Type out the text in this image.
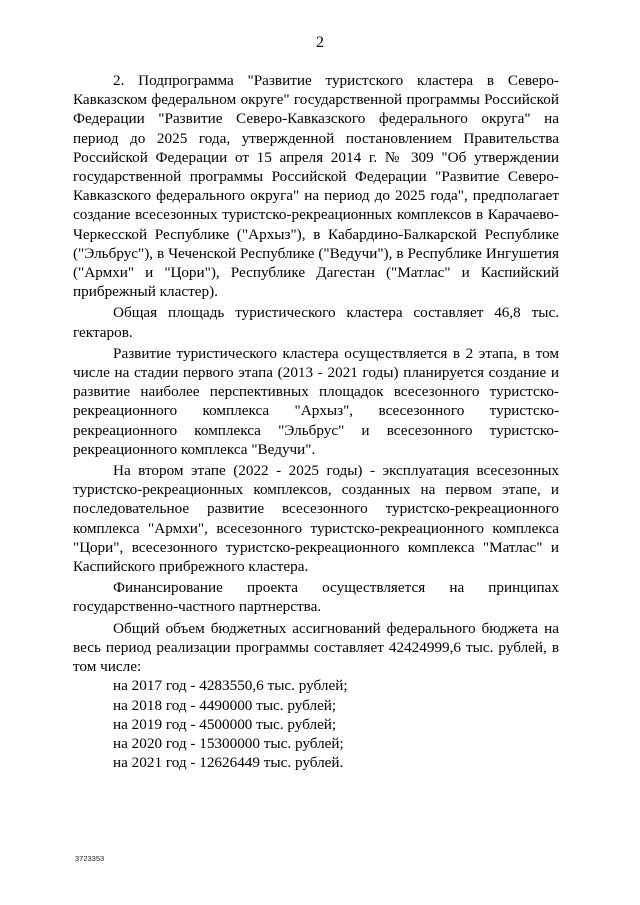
2

2. Подпрограмма "Развитие туристского кластера в Северо-Кавказском федеральном округе" государственной программы Российской Федерации "Развитие Северо-Кавказского федерального округа" на период до 2025 года, утвержденной постановлением Правительства Российской Федерации от 15 апреля 2014 г. № 309 "Об утверждении государственной программы Российской Федерации "Развитие Северо-Кавказского федерального округа" на период до 2025 года", предполагает создание всесезонных туристско-рекреационных комплексов в Карачаево-Черкесской Республике ("Архыз"), в Кабардино-Балкарской Республике ("Эльбрус"), в Чеченской Республике ("Ведучи"), в Республике Ингушетия ("Армхи" и "Цори"), Республике Дагестан ("Матлас" и Каспийский прибрежный кластер).

Общая площадь туристического кластера составляет 46,8 тыс. гектаров.

Развитие туристического кластера осуществляется в 2 этапа, в том числе на стадии первого этапа (2013 - 2021 годы) планируется создание и развитие наиболее перспективных площадок всесезонного туристско-рекреационного комплекса "Архыз", всесезонного туристско-рекреационного комплекса "Эльбрус" и всесезонного туристско-рекреационного комплекса "Ведучи".

На втором этапе (2022 - 2025 годы) - эксплуатация всесезонных туристско-рекреационных комплексов, созданных на первом этапе, и последовательное развитие всесезонного туристско-рекреационного комплекса "Армхи", всесезонного туристско-рекреационного комплекса "Цори", всесезонного туристско-рекреационного комплекса "Матлас" и Каспийского прибрежного кластера.

Финансирование проекта осуществляется на принципах государственно-частного партнерства.

Общий объем бюджетных ассигнований федерального бюджета на весь период реализации программы составляет 42424999,6 тыс. рублей, в том числе:

на 2017 год - 4283550,6 тыс. рублей;
на 2018 год - 4490000 тыс. рублей;
на 2019 год - 4500000 тыс. рублей;
на 2020 год - 15300000 тыс. рублей;
на 2021 год - 12626449 тыс. рублей.
3723353
